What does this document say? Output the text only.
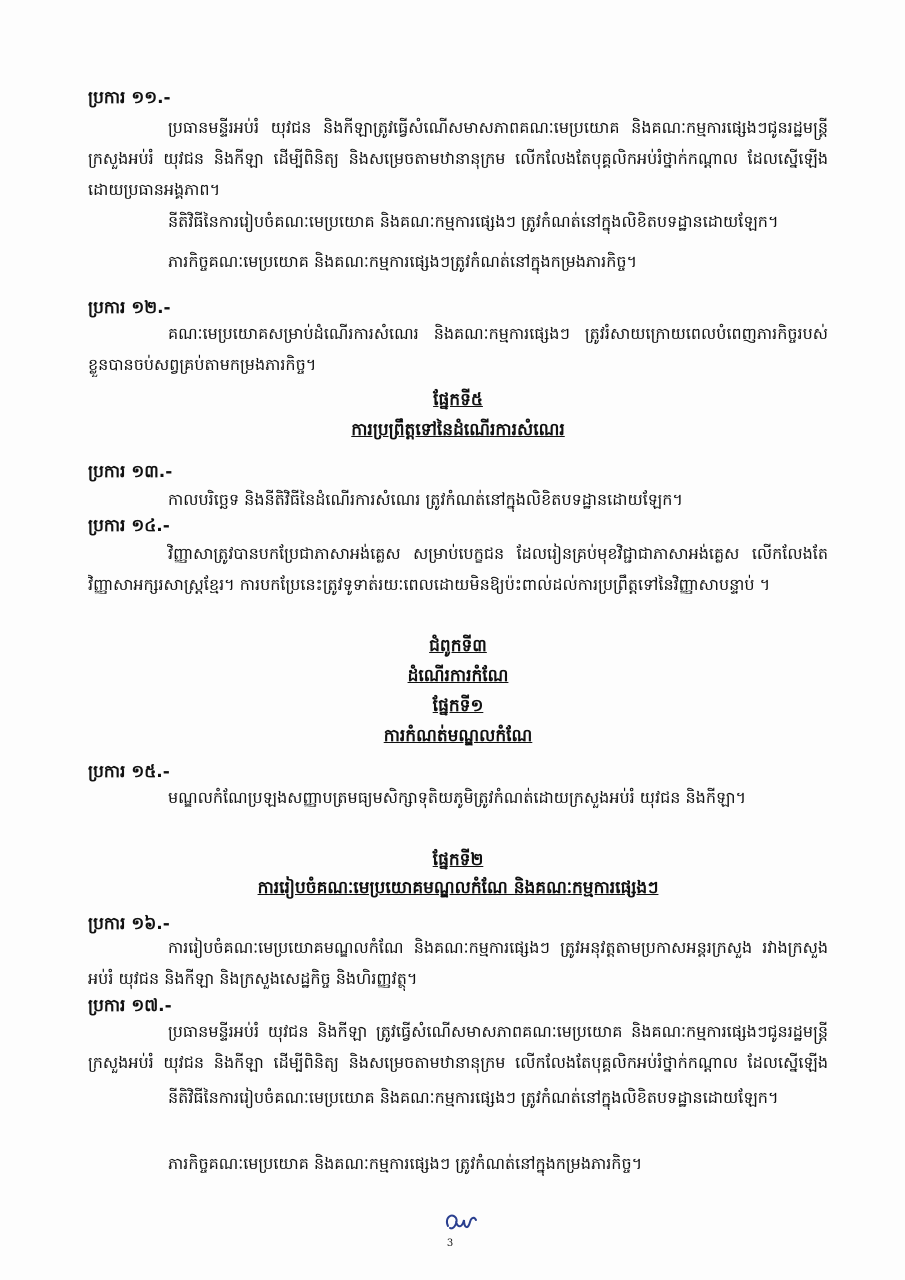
ប្រការ ១១.-
ប្រធានមន្ទីរអប់រំ យុវជន និងកីឡាត្រូវធ្វើសំណើសមាសភាពគណៈមេប្រយោគ និងគណៈកម្មការផ្សេងៗជូនរដ្ឋមន្ត្រីក្រសួងអប់រំ យុវជន និងកីឡា ដើម្បីពិនិត្យ និងសម្រេចតាមឋានានុក្រម លើកលែងតែបុគ្គលិកអប់រំថ្នាក់កណ្ដាល ដែលស្នើឡើងដោយប្រធានអង្គភាព។
នីតិវិធីនៃការរៀបចំគណៈមេប្រយោគ និងគណៈកម្មការផ្សេងៗ ត្រូវកំណត់នៅក្នុងលិខិតបទដ្ឋានដោយឡែក។
ភារកិច្ចគណៈមេប្រយោគ និងគណៈកម្មការផ្សេងៗត្រូវកំណត់នៅក្នុងកម្រងភារកិច្ច។
ប្រការ ១២.-
គណៈមេប្រយោគសម្រាប់ដំណើរការសំណេរ និងគណៈកម្មការផ្សេងៗ ត្រូវរំសាយក្រោយពេលបំពេញភារកិច្ចរបស់ខ្លួនបានចប់សព្វគ្រប់តាមកម្រងភារកិច្ច។
ផ្នែកទី៥
ការប្រព្រឹត្តទៅនៃដំណើរការសំណេរ
ប្រការ ១៣.-
កាលបរិច្ឆេទ និងនីតិវិធីនៃដំណើរការសំណេរ ត្រូវកំណត់នៅក្នុងលិខិតបទដ្ឋានដោយឡែក។
ប្រការ ១៤.-
វិញ្ញាសាត្រូវបានបកប្រែជាភាសាអង់គ្លេស សម្រាប់បេក្ខជន ដែលរៀនគ្រប់មុខវិជ្ជាជាភាសាអង់គ្លេស លើកលែងតែវិញ្ញាសាអក្សរសាស្ត្រខ្មែរ។ ការបកប្រែនេះត្រូវទូទាត់រយៈពេលដោយមិនឱ្យប៉ះពាល់ដល់ការប្រព្រឹត្តទៅនៃវិញ្ញាសាបន្ទាប់ ។
ជំពូកទី៣
ដំណើរការកំណែ
ផ្នែកទី១
ការកំណត់មណ្ឌលកំណែ
ប្រការ ១៥.-
មណ្ឌលកំណែប្រឡងសញ្ញាបត្រមធ្យមសិក្សាទុតិយភូមិត្រូវកំណត់ដោយក្រសួងអប់រំ យុវជន និងកីឡា។
ផ្នែកទី២
ការរៀបចំគណៈមេប្រយោគមណ្ឌលកំណែ និងគណៈកម្មការផ្សេងៗ
ប្រការ ១៦.-
ការរៀបចំគណៈមេប្រយោគមណ្ឌលកំណែ និងគណៈកម្មការផ្សេងៗ ត្រូវអនុវត្តតាមប្រកាសអន្តរក្រសួង រវាងក្រសួងអប់រំ យុវជន និងកីឡា និងក្រសួងសេដ្ឋកិច្ច និងហិរញ្ញវត្ថុ។
ប្រការ ១៧.-
ប្រធានមន្ទីរអប់រំ យុវជន និងកីឡា ត្រូវធ្វើសំណើសមាសភាពគណៈមេប្រយោគ និងគណៈកម្មការផ្សេងៗជូនរដ្ឋមន្ត្រីក្រសួងអប់រំ យុវជន និងកីឡា ដើម្បីពិនិត្យ និងសម្រេចតាមឋានានុក្រម លើកលែងតែបុគ្គលិកអប់រំថ្នាក់កណ្ដាល ដែលស្នើឡើង
នីតិវិធីនៃការរៀបចំគណៈមេប្រយោគ និងគណៈកម្មការផ្សេងៗ ត្រូវកំណត់នៅក្នុងលិខិតបទដ្ឋានដោយឡែក។
ភារកិច្ចគណៈមេប្រយោគ និងគណៈកម្មការផ្សេងៗ ត្រូវកំណត់នៅក្នុងកម្រងភារកិច្ច។
3
